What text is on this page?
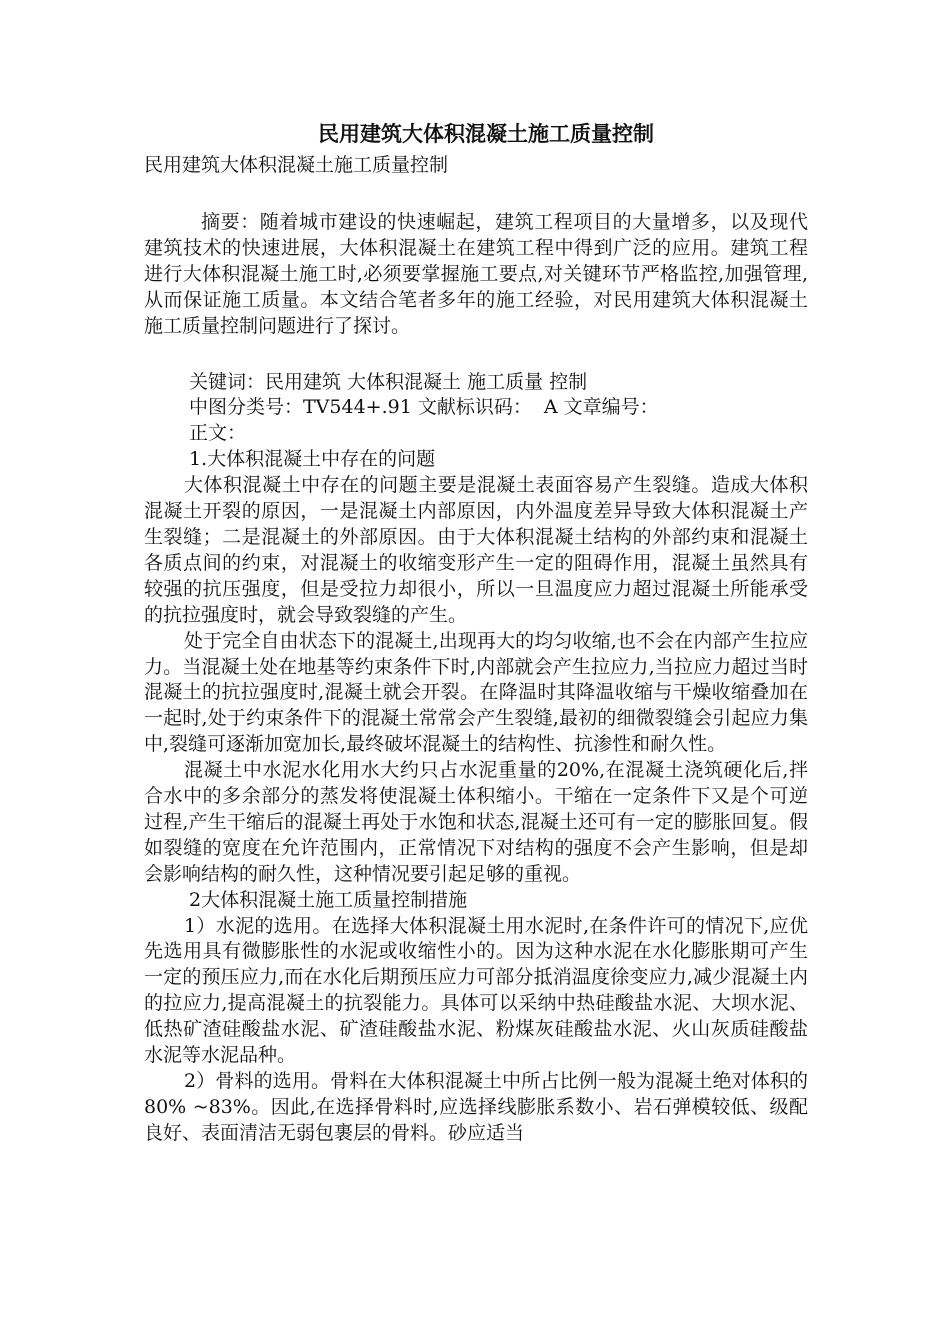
民用建筑大体积混凝土施工质量控制

民用建筑大体积混凝土施工质量控制

摘要：随着城市建设的快速崛起，建筑工程项目的大量增多，以及现代建筑技术的快速进展，大体积混凝土在建筑工程中得到广泛的应用。建筑工程进行大体积混凝土施工时,必须要掌握施工要点,对关键环节严格监控,加强管理,从而保证施工质量。本文结合笔者多年的施工经验，对民用建筑大体积混凝土施工质量控制问题进行了探讨。

关键词：民用建筑 大体积混凝土 施工质量 控制

中图分类号：TV544+.91 文献标识码：  A 文章编号：

正文：

1.大体积混凝土中存在的问题

大体积混凝土中存在的问题主要是混凝土表面容易产生裂缝。造成大体积混凝土开裂的原因，一是混凝土内部原因，内外温度差异导致大体积混凝土产生裂缝；二是混凝土的外部原因。由于大体积混凝土结构的外部约束和混凝土各质点间的约束，对混凝土的收缩变形产生一定的阻碍作用，混凝土虽然具有较强的抗压强度，但是受拉力却很小，所以一旦温度应力超过混凝土所能承受的抗拉强度时，就会导致裂缝的产生。

处于完全自由状态下的混凝土,出现再大的均匀收缩,也不会在内部产生拉应力。当混凝土处在地基等约束条件下时,内部就会产生拉应力,当拉应力超过当时混凝土的抗拉强度时,混凝土就会开裂。在降温时其降温收缩与干燥收缩叠加在一起时,处于约束条件下的混凝土常常会产生裂缝,最初的细微裂缝会引起应力集中,裂缝可逐渐加宽加长,最终破坏混凝土的结构性、抗渗性和耐久性。

混凝土中水泥水化用水大约只占水泥重量的20%,在混凝土浇筑硬化后,拌合水中的多余部分的蒸发将使混凝土体积缩小。干缩在一定条件下又是个可逆过程,产生干缩后的混凝土再处于水饱和状态,混凝土还可有一定的膨胀回复。假如裂缝的宽度在允许范围内，正常情况下对结构的强度不会产生影响，但是却会影响结构的耐久性，这种情况要引起足够的重视。

2大体积混凝土施工质量控制措施

1）水泥的选用。在选择大体积混凝土用水泥时,在条件许可的情况下,应优先选用具有微膨胀性的水泥或收缩性小的。因为这种水泥在水化膨胀期可产生一定的预压应力,而在水化后期预压应力可部分抵消温度徐变应力,减少混凝土内的拉应力,提高混凝土的抗裂能力。具体可以采纳中热硅酸盐水泥、大坝水泥、低热矿渣硅酸盐水泥、矿渣硅酸盐水泥、粉煤灰硅酸盐水泥、火山灰质硅酸盐水泥等水泥品种。

2）骨料的选用。骨料在大体积混凝土中所占比例一般为混凝土绝对体积的80% ~83%。因此,在选择骨料时,应选择线膨胀系数小、岩石弹模较低、级配良好、表面清洁无弱包裹层的骨料。砂应适当
